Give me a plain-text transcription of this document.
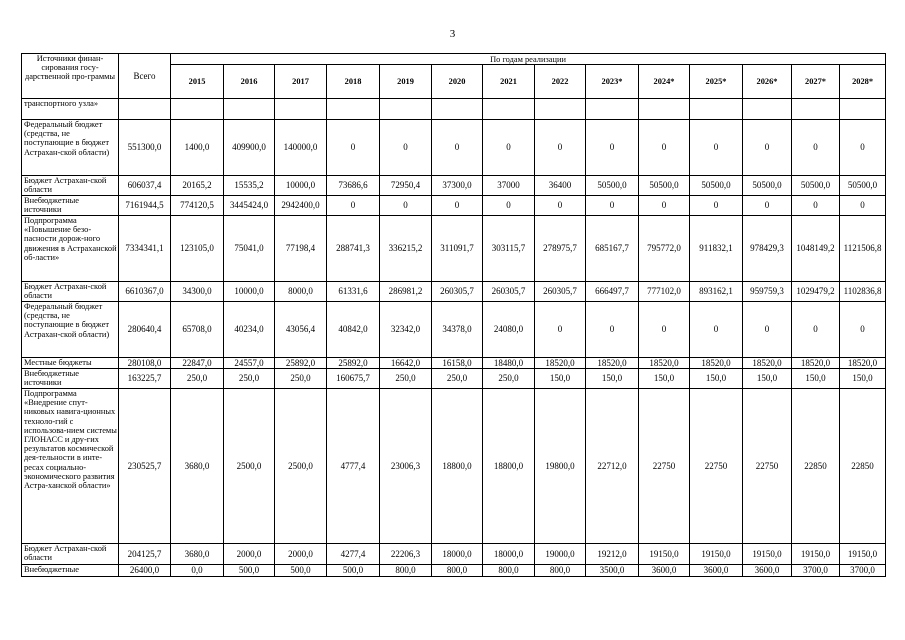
3
Источники финан-сирования госу-дарственной про-граммы	Всего	По годам реализации													
		2015	2016	2017	2018	2019	2020	2021	2022	2023*	2024*	2025*	2026*	2027*	2028*
транспортного узла»															
Федеральный бюджет (средства, не поступающие в бюджет Астрахан-ской области)	551300,0	1400,0	409900,0	140000,0	0	0	0	0	0	0	0	0	0	0	0
Бюджет Астрахан-ской области	606037,4	20165,2	15535,2	10000,0	73686,6	72950,4	37300,0	37000	36400	50500,0	50500,0	50500,0	50500,0	50500,0	50500,0
Внебюджетные источники	7161944,5	774120,5	3445424,0	2942400,0	0	0	0	0	0	0	0	0	0	0	0
Подпрограмма «Повышение безо-пасности дорож-ного движения в Астраханской об-ласти»	7334341,1	123105,0	75041,0	77198,4	288741,3	336215,2	311091,7	303115,7	278975,7	685167,7	795772,0	911832,1	978429,3	1048149,2	1121506,8
Бюджет Астрахан-ской области	6610367,0	34300,0	10000,0	8000,0	61331,6	286981,2	260305,7	260305,7	260305,7	666497,7	777102,0	893162,1	959759,3	1029479,2	1102836,8
Федеральный бюджет (средства, не поступающие в бюджет Астрахан-ской области)	280640,4	65708,0	40234,0	43056,4	40842,0	32342,0	34378,0	24080,0	0	0	0	0	0	0	0
Местные бюджеты	280108,0	22847,0	24557,0	25892,0	25892,0	16642,0	16158,0	18480,0	18520,0	18520,0	18520,0	18520,0	18520,0	18520,0	18520,0
Внебюджетные источники	163225,7	250,0	250,0	250,0	160675,7	250,0	250,0	250,0	150,0	150,0	150,0	150,0	150,0	150,0	150,0
Подпрограмма «Внедрение спут-никовых навига-ционных техноло-гий с использова-нием системы ГЛОНАСС и дру-гих результатов космической дея-тельности в инте-ресах социально-экономического развития Астра-ханской области»	230525,7	3680,0	2500,0	2500,0	4777,4	23006,3	18800,0	18800,0	19800,0	22712,0	22750	22750	22750	22850	22850
Бюджет Астрахан-ской области	204125,7	3680,0	2000,0	2000,0	4277,4	22206,3	18000,0	18000,0	19000,0	19212,0	19150,0	19150,0	19150,0	19150,0	19150,0
Внебюджетные	26400,0	0,0	500,0	500,0	500,0	800,0	800,0	800,0	800,0	3500,0	3600,0	3600,0	3600,0	3700,0	3700,0
